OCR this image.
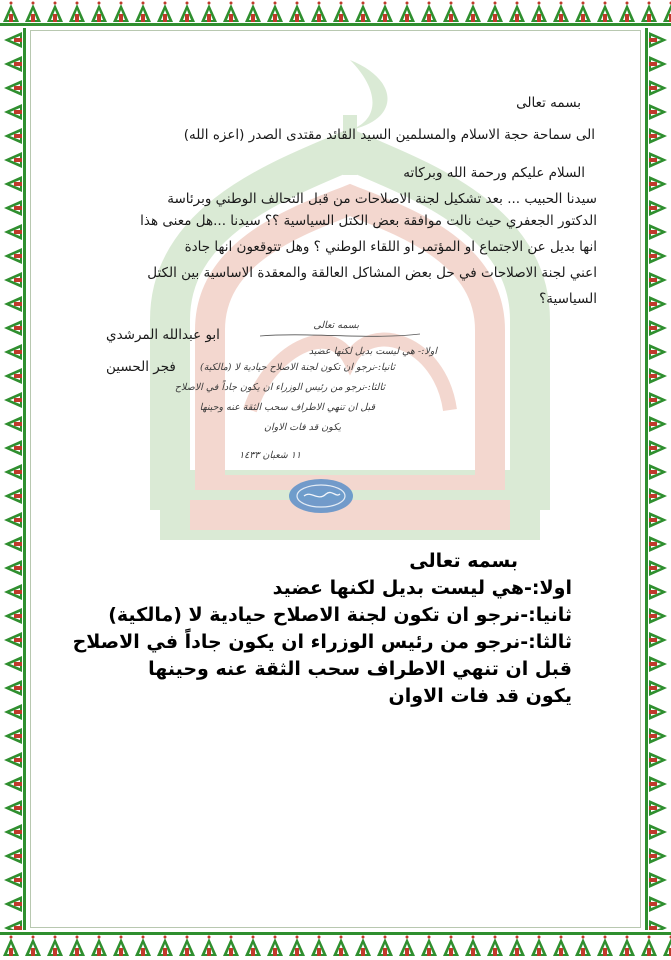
بسمه تعالى
الى سماحة حجة الاسلام والمسلمين السيد القائد مقتدى الصدر (اعزه الله)
السلام عليكم ورحمة الله وبركاته
سيدنا الحبيب ... بعد تشكيل لجنة الاصلاحات من قبل التحالف الوطني وبرئاسة
الدكتور الجعفري حيث نالت موافقة بعض الكتل السياسية ؟؟ سيدنا ...هل معنى هذا
انها بديل عن الاجتماع او المؤتمر او اللقاء الوطني ؟ وهل تتوقعون انها جادة
اعني لجنة الاصلاحات في حل بعض المشاكل العالقة والمعقدة الاساسية بين الكتل
السياسية؟
ابو عبدالله المرشدي
فجر الحسين
بسمه تعالى
اولا:- هي ليست بديل لكنها عضيد
ثانيا:-نرجو ان تكون لجنة الاصلاح حيادية لا (مالكية)
ثالثا:-نرجو من رئيس الوزراء ان يكون جاداً في الاصلاح
قبل ان تنهي الاطراف سحب الثقة عنه وحينها
يكون قد فات الاوان
١١ شعبان ١٤٣٣
بسمه تعالى
اولا:-هي ليست بديل لكنها عضيد
ثانيا:-نرجو ان تكون لجنة الاصلاح حيادية لا (مالكية)
ثالثا:-نرجو من رئيس الوزراء ان يكون جاداً في الاصلاح
قبل ان تنهي الاطراف سحب الثقة عنه وحينها
يكون قد فات الاوان
